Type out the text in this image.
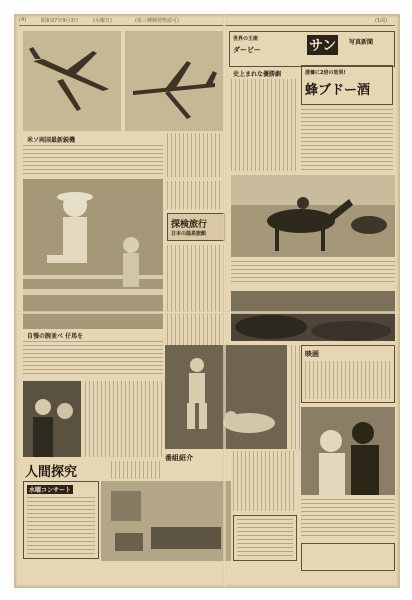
(4)	昭和27年9月3日	(水曜日)	(第三種郵便物認可)	(1面)
米ソ両国最新鋭機
世界の王座
ダービー	サン	写真新聞
史上まれな優勝劇	滋養に2倍の効果!
蜂ブドー酒
自慢の腕並べ 仔馬を
探検旅行
日本の温泉旅館
映画
人間探究
水曜コンサート
番組紹介
